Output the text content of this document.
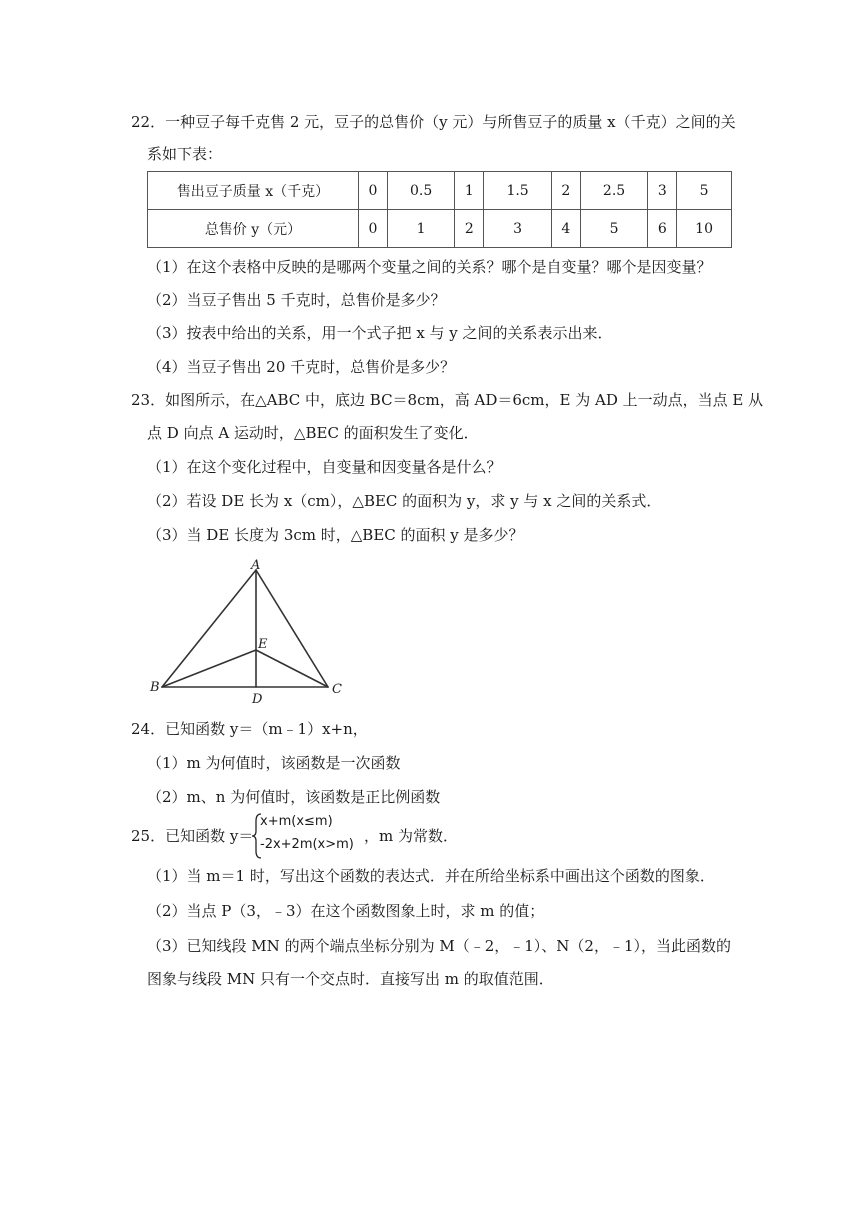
22．一种豆子每千克售 2 元，豆子的总售价（y 元）与所售豆子的质量 x（千克）之间的关
系如下表：
售出豆子质量 x（千克）	0	0.5	1	1.5	2	2.5	3	5
总售价 y（元）	0	1	2	3	4	5	6	10
（1）在这个表格中反映的是哪两个变量之间的关系？哪个是自变量？哪个是因变量？
（2）当豆子售出 5 千克时，总售价是多少？
（3）按表中给出的关系，用一个式子把 x 与 y 之间的关系表示出来．
（4）当豆子售出 20 千克时，总售价是多少？
23．如图所示，在△ABC 中，底边 BC＝8cm，高 AD＝6cm，E 为 AD 上一动点，当点 E 从
点 D 向点 A 运动时，△BEC 的面积发生了变化．
（1）在这个变化过程中，自变量和因变量各是什么？
（2）若设 DE 长为 x（cm），△BEC 的面积为 y，求 y 与 x 之间的关系式．
（3）当 DE 长度为 3cm 时，△BEC 的面积 y 是多少？
A
B	C
D
E
24．已知函数 y＝（m﹣1）x+n，
（1）m 为何值时，该函数是一次函数
（2）m、n 为何值时，该函数是正比例函数
25．已知函数 y＝
x+m(x≤m)
-2x+2m(x>m) ，m 为常数．
（1）当 m＝1 时，写出这个函数的表达式．并在所给坐标系中画出这个函数的图象．
（2）当点 P（3，﹣3）在这个函数图象上时，求 m 的值；
（3）已知线段 MN 的两个端点坐标分别为 M（﹣2，﹣1）、N（2，﹣1），当此函数的
图象与线段 MN 只有一个交点时．直接写出 m 的取值范围．
